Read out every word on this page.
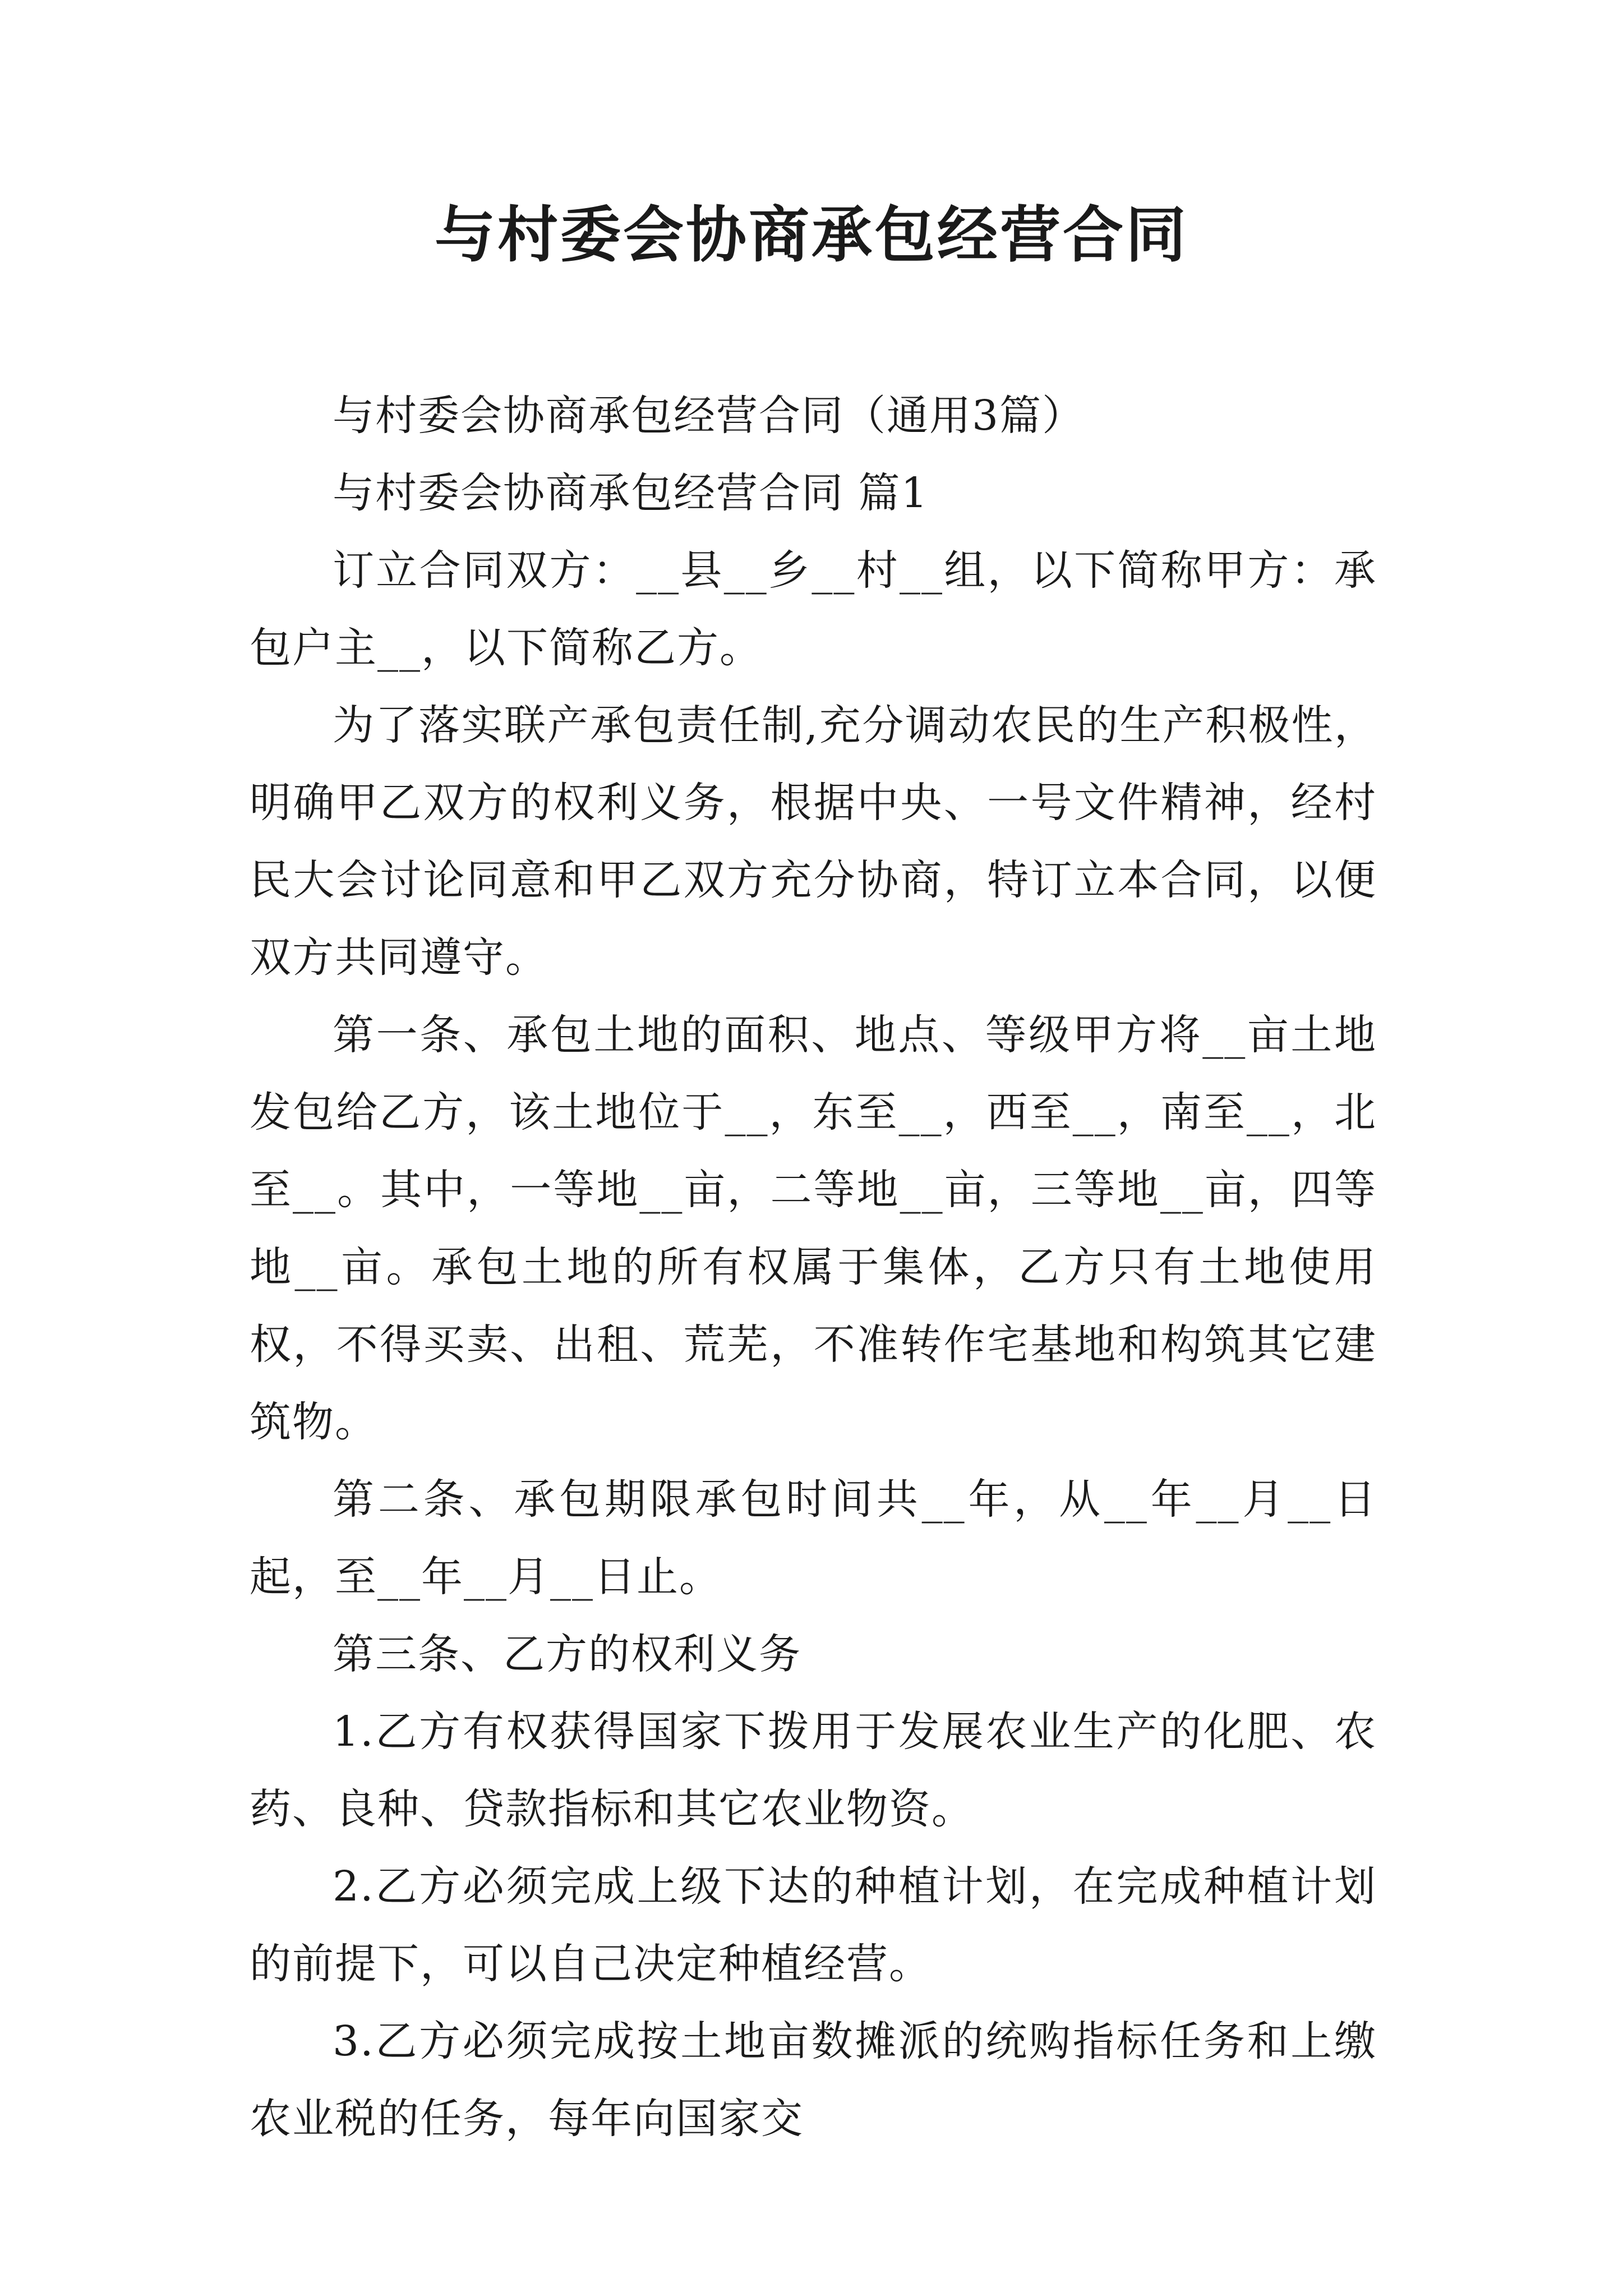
与村委会协商承包经营合同

与村委会协商承包经营合同（通用3篇）

与村委会协商承包经营合同 篇1

订立合同双方：__县__乡__村__组，以下简称甲方：承包户主__，以下简称乙方。

为了落实联产承包责任制,充分调动农民的生产积极性，明确甲乙双方的权利义务，根据中央、一号文件精神，经村民大会讨论同意和甲乙双方充分协商，特订立本合同，以便双方共同遵守。

第一条、承包土地的面积、地点、等级甲方将__亩土地发包给乙方，该土地位于__，东至__，西至__，南至__，北至__。其中，一等地__亩，二等地__亩，三等地__亩，四等地__亩。承包土地的所有权属于集体，乙方只有土地使用权，不得买卖、出租、荒芜，不准转作宅基地和构筑其它建筑物。

第二条、承包期限承包时间共__年，从__年__月__日起，至__年__月__日止。

第三条、乙方的权利义务

1.乙方有权获得国家下拨用于发展农业生产的化肥、农药、良种、贷款指标和其它农业物资。

2.乙方必须完成上级下达的种植计划，在完成种植计划的前提下，可以自己决定种植经营。

3.乙方必须完成按土地亩数摊派的统购指标任务和上缴农业税的任务，每年向国家交
